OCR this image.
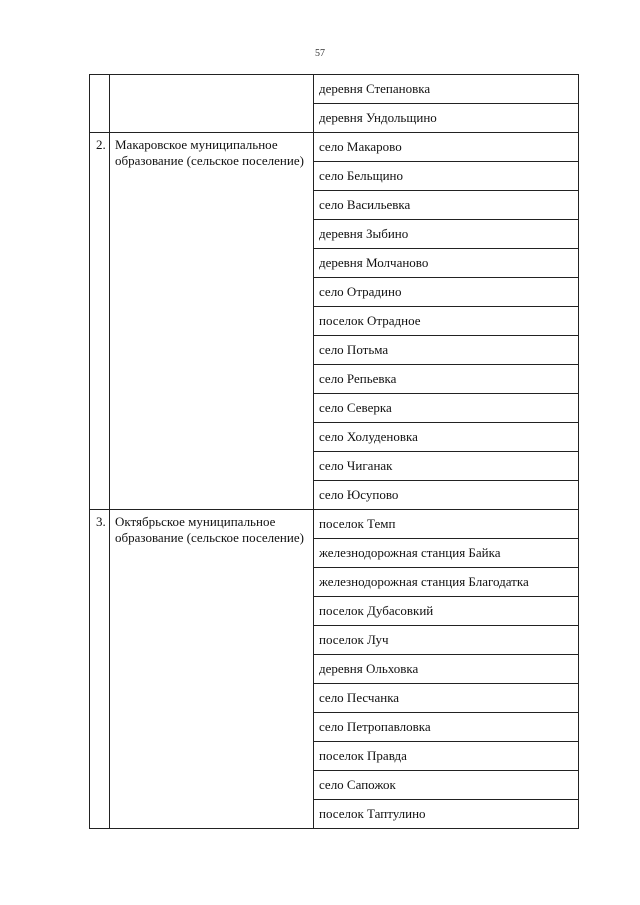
57
		деревня Степановка
		деревня Ундольщино
2.	Макаровское муниципальное образование (сельское поселение)	село Макарово
		село Бельщино
		село Васильевка
		деревня Зыбино
		деревня Молчаново
		село Отрадино
		поселок Отрадное
		село Потьма
		село Репьевка
		село Северка
		село Холуденовка
		село Чиганак
		село Юсупово
3.	Октябрьское муниципальное образование (сельское поселение)	поселок Темп
		железнодорожная станция Байка
		железнодорожная станция Благодатка
		поселок Дубасовкий
		поселок Луч
		деревня Ольховка
		село Песчанка
		село Петропавловка
		поселок Правда
		село Сапожок
		поселок Таптулино
